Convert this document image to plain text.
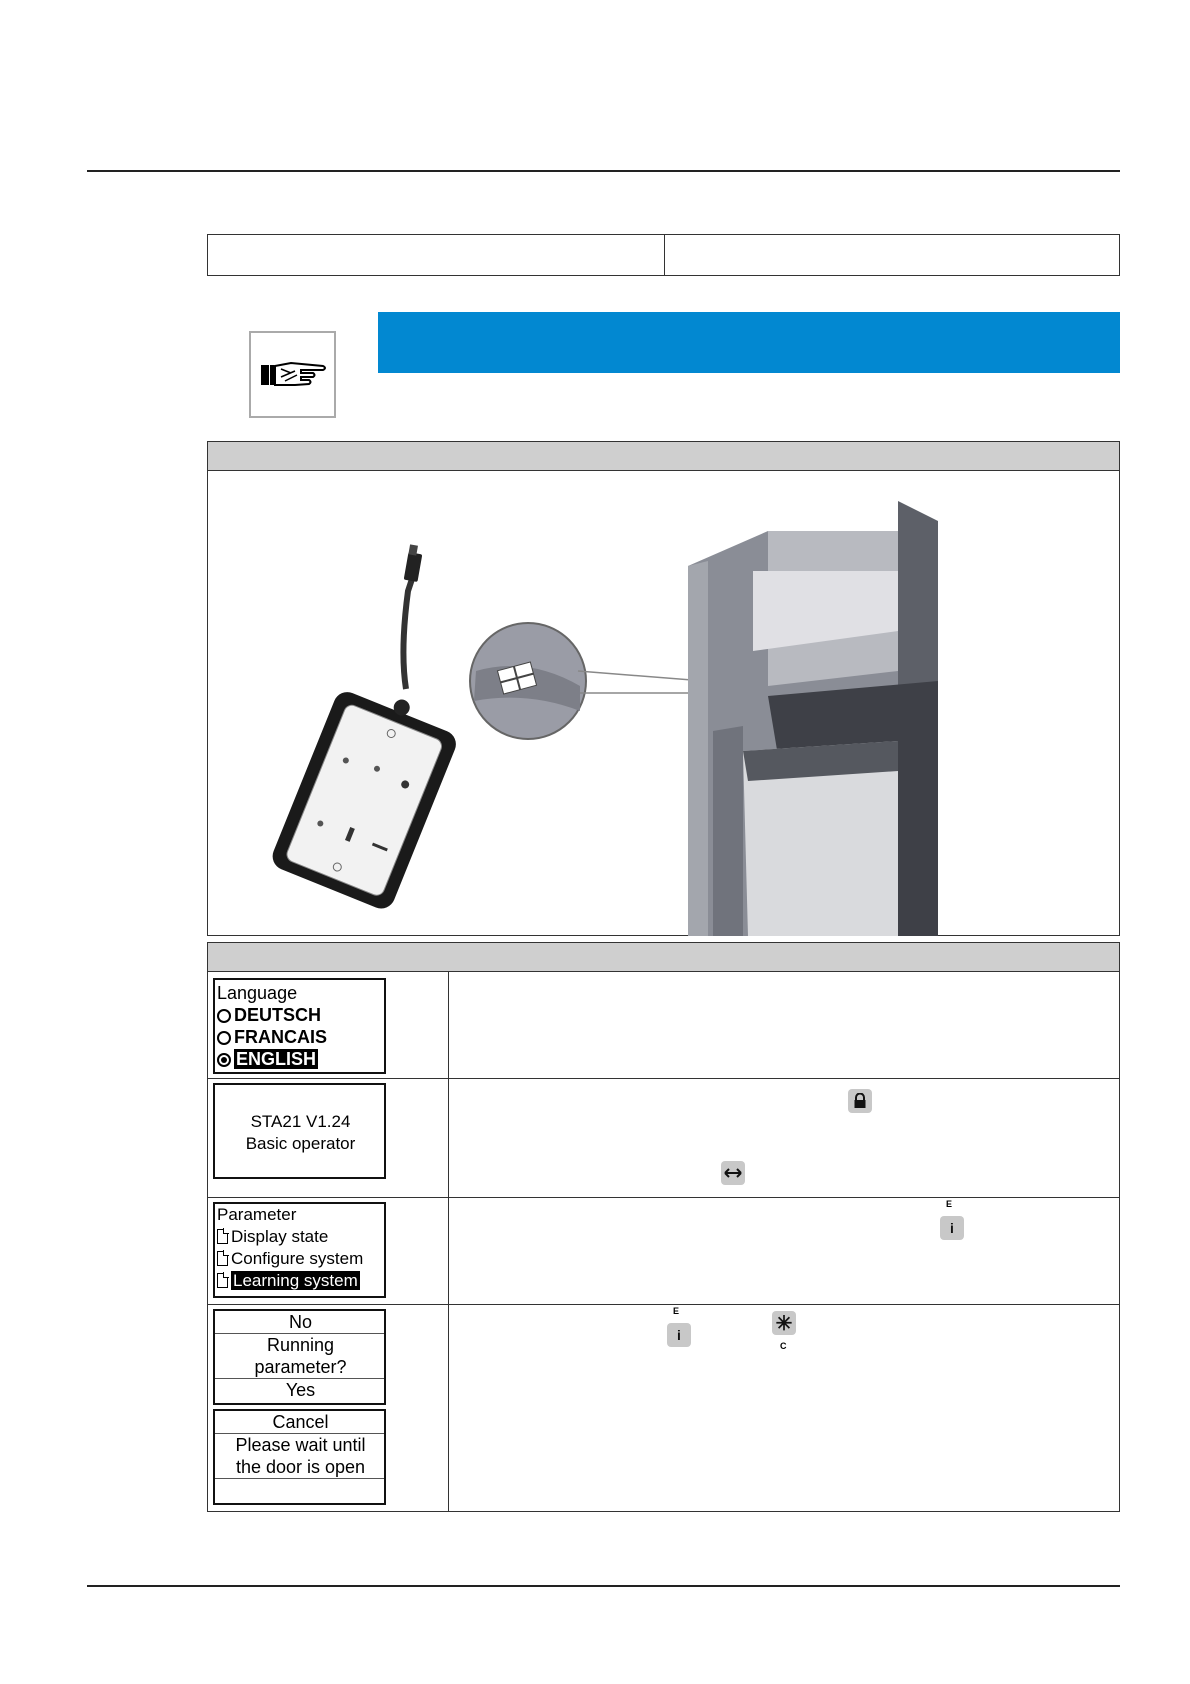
Language
DEUTSCH
FRANCAIS
ENGLISH
STA21 V1.24
Basic operator
Parameter
Display state
Configure system
Learning system
E
i
No
Running
parameter?
Yes
Cancel
Please wait until
the door is open
E
i
✳
C
